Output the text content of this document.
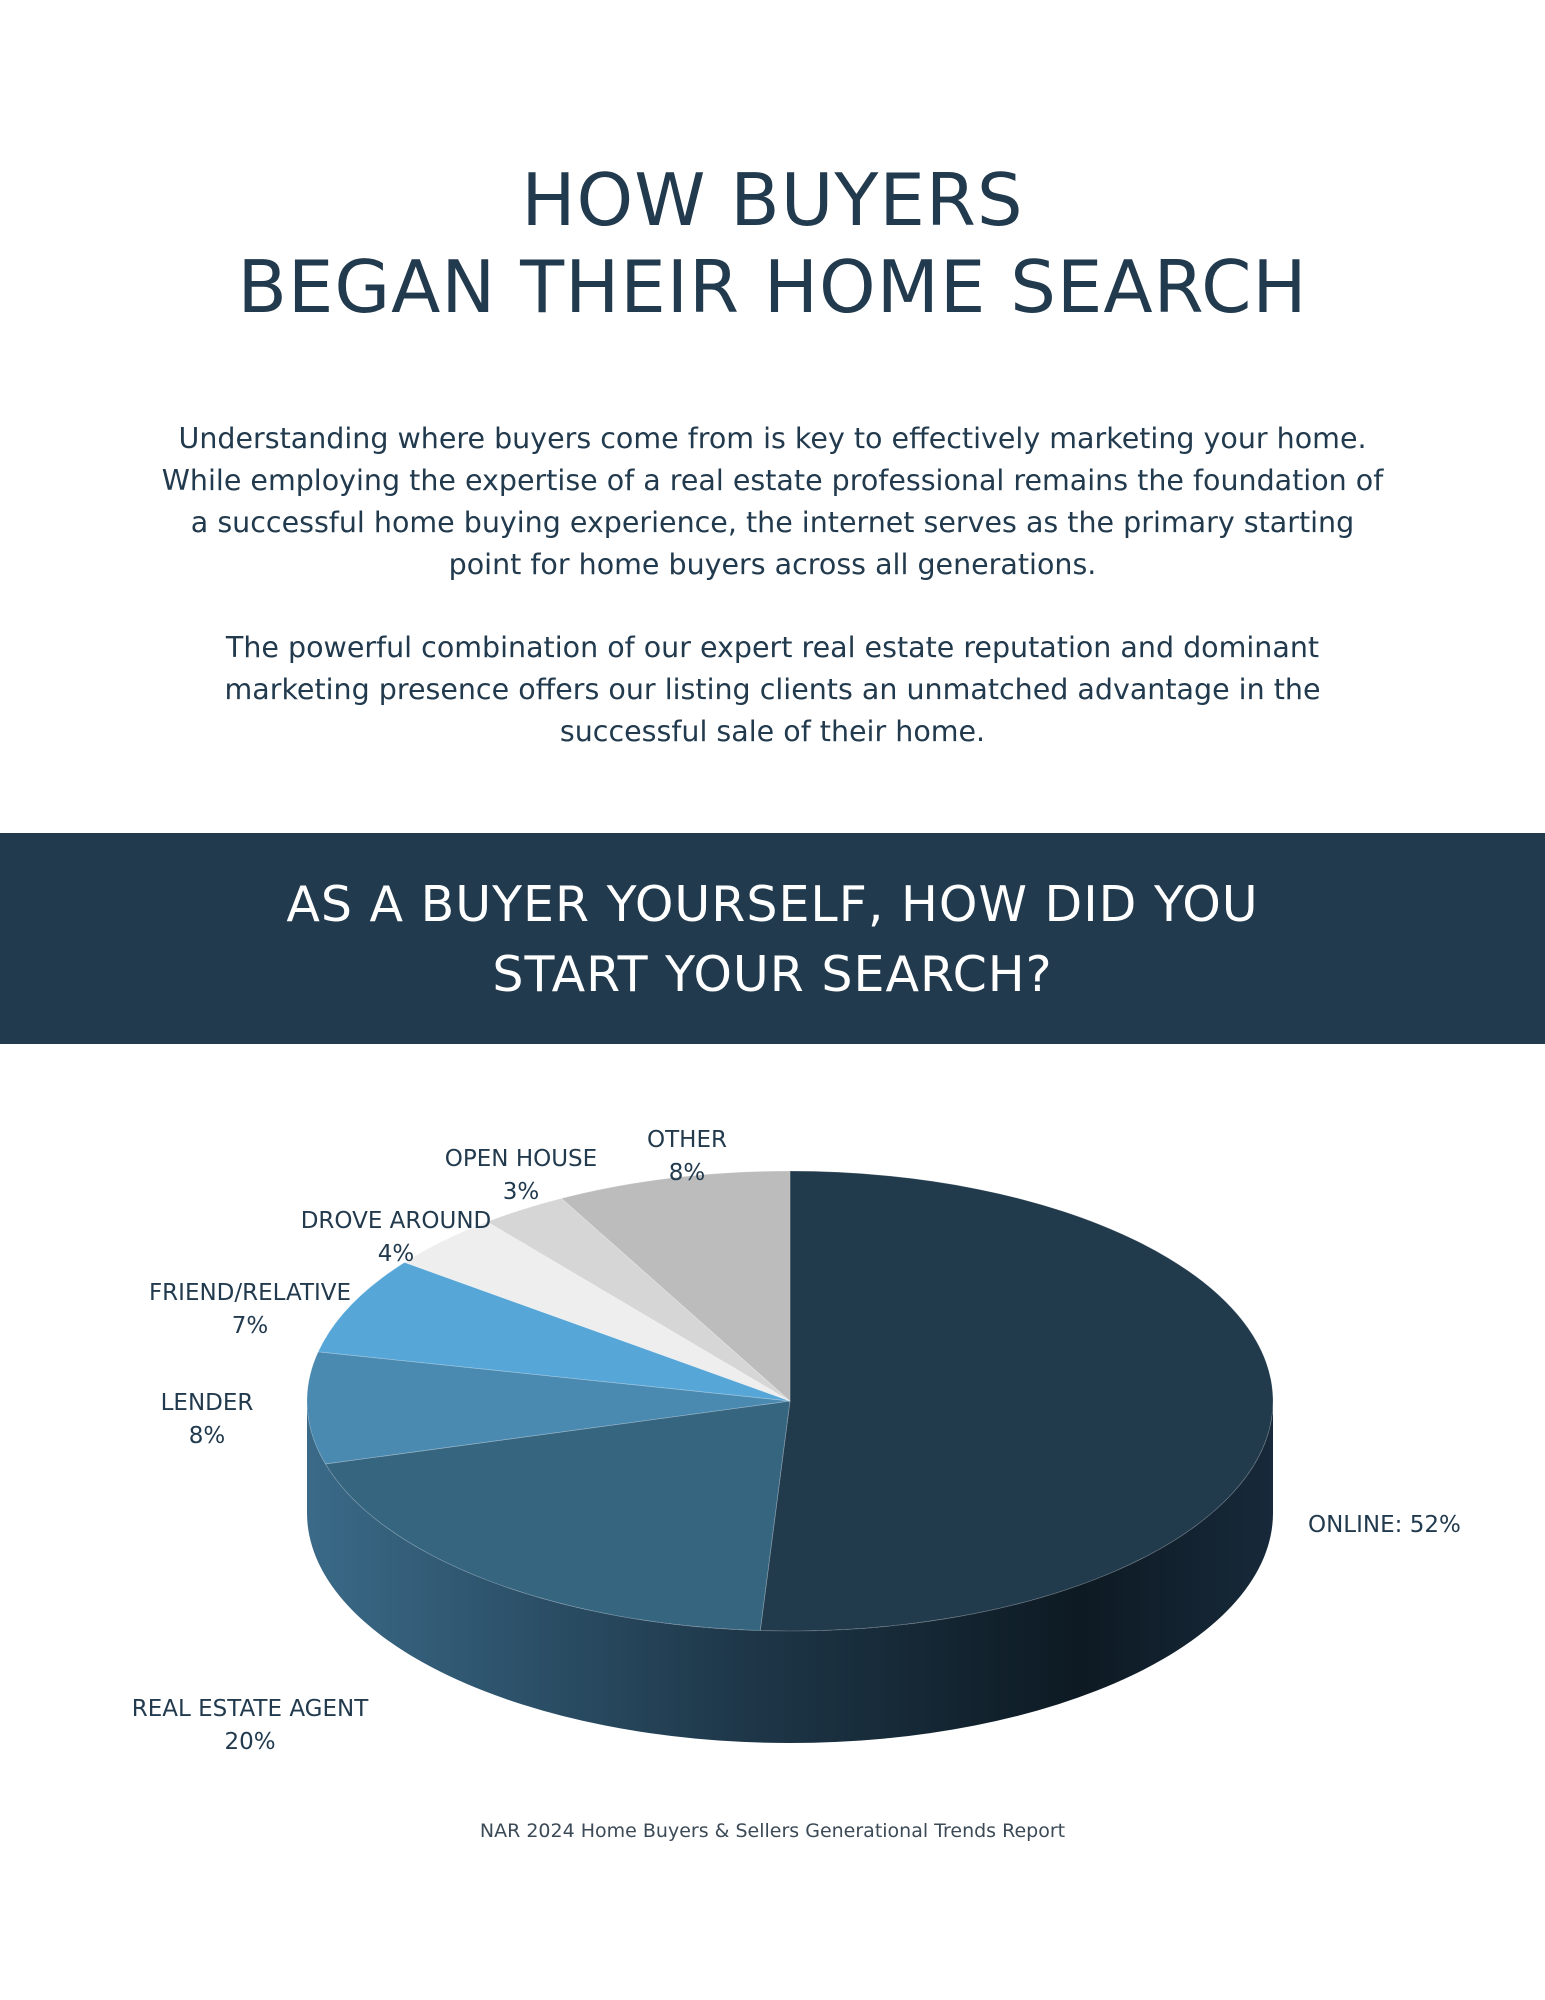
HOW BUYERS
BEGAN THEIR HOME SEARCH

Understanding where buyers come from is key to effectively marketing your home. While employing the expertise of a real estate professional remains the foundation of a successful home buying experience, the internet serves as the primary starting point for home buyers across all generations.

The powerful combination of our expert real estate reputation and dominant marketing presence offers our listing clients an unmatched advantage in the successful sale of their home.

AS A BUYER YOURSELF, HOW DID YOU
START YOUR SEARCH?

ONLINE: 52%
REAL ESTATE AGENT
20%
LENDER
8%
FRIEND/RELATIVE
7%
DROVE AROUND
4%
OPEN HOUSE
3%
OTHER
8%
NAR 2024 Home Buyers & Sellers Generational Trends Report
